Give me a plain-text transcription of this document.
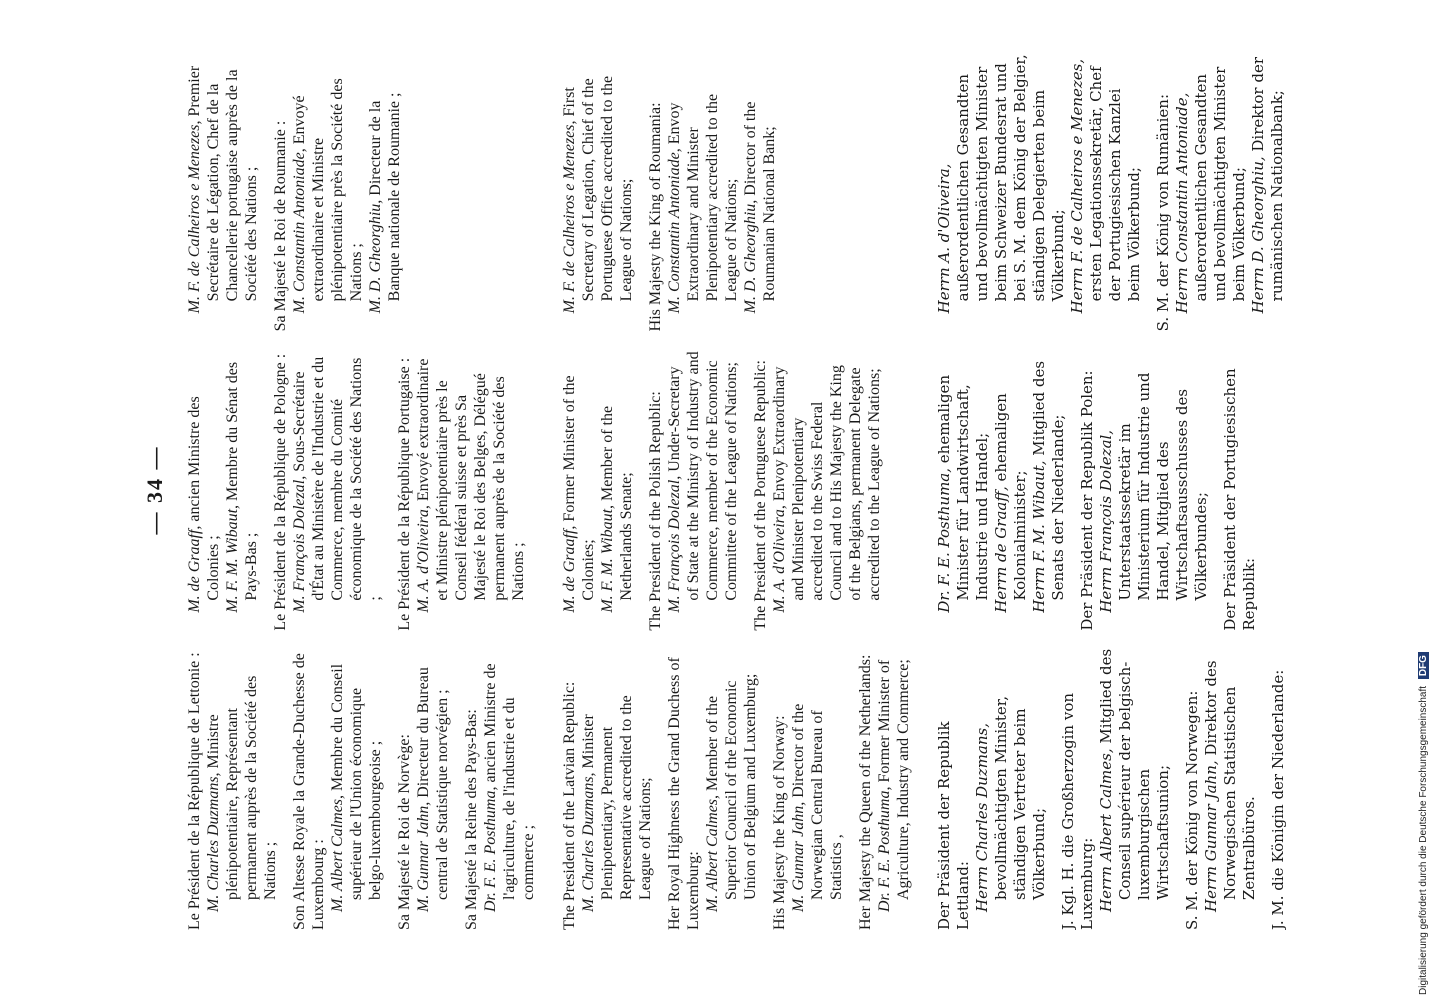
— 34 —
Le Président de la République de Lettonie : M. Charles Duzmans, Ministre plénipotentiaire, Représentant permanent auprès de la Société des Nations ; Son Altesse Royale la Grande-Duchesse de Luxembourg : M. Albert Calmes, Membre du Conseil supérieur de l'Union économique belgo-luxembourgeoise ; Sa Majesté le Roi de Norvège: M. Gunnar Jahn, Directeur du Bureau central de Statistique norvégien ; Sa Majesté la Reine des Pays-Bas: Dr. F. E. Posthuma, ancien Ministre de l'agriculture, de l'industrie et du commerce ;
M. de Graaff, ancien Ministre des Colonies ; M. F. M. Wibaut, Membre du Sénat des Pays-Bas ; Le Président de la République de Pologne : M. François Dolezal, Sous-Secrétaire d'État au Ministère de l'Industrie et du Commerce, membre du Comité économique de la Société des Nations ; Le Président de la République Portugaise : M. A. d'Oliveira, Envoyé extraordinaire et Ministre plénipotentiaire près le Conseil fédéral suisse et près Sa Majesté le Roi des Belges, Délégué permanent auprès de la Société des Nations ;
M. F. de Calheiros e Menezes, Premier Secrétaire de Légation, Chef de la Chancellerie portugaise auprès de la Société des Nations ; Sa Majesté le Roi de Roumanie : M. Constantin Antoniade, Envoyé extraordinaire et Ministre plénipotentiaire près la Société des Nations ; M. D. Gheorghiu, Directeur de la Banque nationale de Roumanie ;
The President of the Latvian Republic: M. Charles Duzmans, Minister Plenipotentiary, Permanent Representative accredited to the League of Nations; Her Royal Highness the Grand Duchess of Luxemburg: M. Albert Calmes, Member of the Superior Council of the Economic Union of Belgium and Luxemburg; His Majesty the King of Norway: M. Gunnar Jahn, Director of the Norwegian Central Bureau of Statistics , Her Majesty the Queen of the Netherlands: Dr. F. E. Posthuma, Former Minister of Agriculture, Industry and Commerce;
M. de Graaff, Former Minister of the Colonies; M. F. M. Wibaut, Member of the Netherlands Senate; The President of the Polish Republic: M. François Dolezal, Under-Secretary of State at the Ministry of Industry and Commerce, member of the Economic Committee of the League of Nations; The President of the Portuguese Republic: M. A. d'Oliveira, Envoy Extraordinary and Minister Plenipotentiary accredited to the Swiss Federal Council and to His Majesty the King of the Belgians, permanent Delegate accredited to the League of Nations;
M. F. de Calheiros e Menezes, First Secretary of Legation, Chief of the Portuguese Office accredited to the League of Nations; His Majesty the King of Roumania: M. Constantin Antoniade, Envoy Extraordinary and Minister Plenipotentiary accredited to the League of Nations; M. D. Gheorghiu, Director of the Roumanian National Bank;
Der Präsident der Republik Lettland: Herrn Charles Duzmans, bevollmächtigten Minister, ständigen Vertreter beim Völkerbund; J. Kgl. H. die Großherzogin von Luxemburg: Herrn Albert Calmes, Mitglied des Conseil supérieur der belgisch-luxemburgischen Wirtschaftsunion; S. M. der König von Norwegen: Herrn Gunnar Jahn, Direktor des Norwegischen Statistischen Zentralbüros. J. M. die Königin der Niederlande:
Dr. F. E. Posthuma, ehemaligen Minister für Landwirtschaft, Industrie und Handel; Herrn de Graaff, ehemaligen Kolonialminister; Herrn F. M. Wibaut, Mitglied des Senats der Niederlande; Der Präsident der Republik Polen: Herrn François Dolezal, Unterstaatssekretär im Ministerium für Industrie und Handel, Mitglied des Wirtschaftsausschusses des Völkerbundes; Der Präsident der Portugiesischen Republik:
Herrn A. d'Oliveira, außerordentlichen Gesandten und bevollmächtigten Minister beim Schweizer Bundesrat und bei S. M. dem König der Belgier, ständigen Delegierten beim Völkerbund; Herrn F. de Calheiros e Menezes, ersten Legationssekretär, Chef der Portugiesischen Kanzlei beim Völkerbund; S. M. der König von Rumänien: Herrn Constantin Antoniade, außerordentlichen Gesandten und bevollmächtigten Minister beim Völkerbund; Herrn D. Gheorghiu, Direktor der rumänischen Nationalbank;
Digitalisierung gefördert durch die Deutsche Forschungsgemeinschaft DFG
